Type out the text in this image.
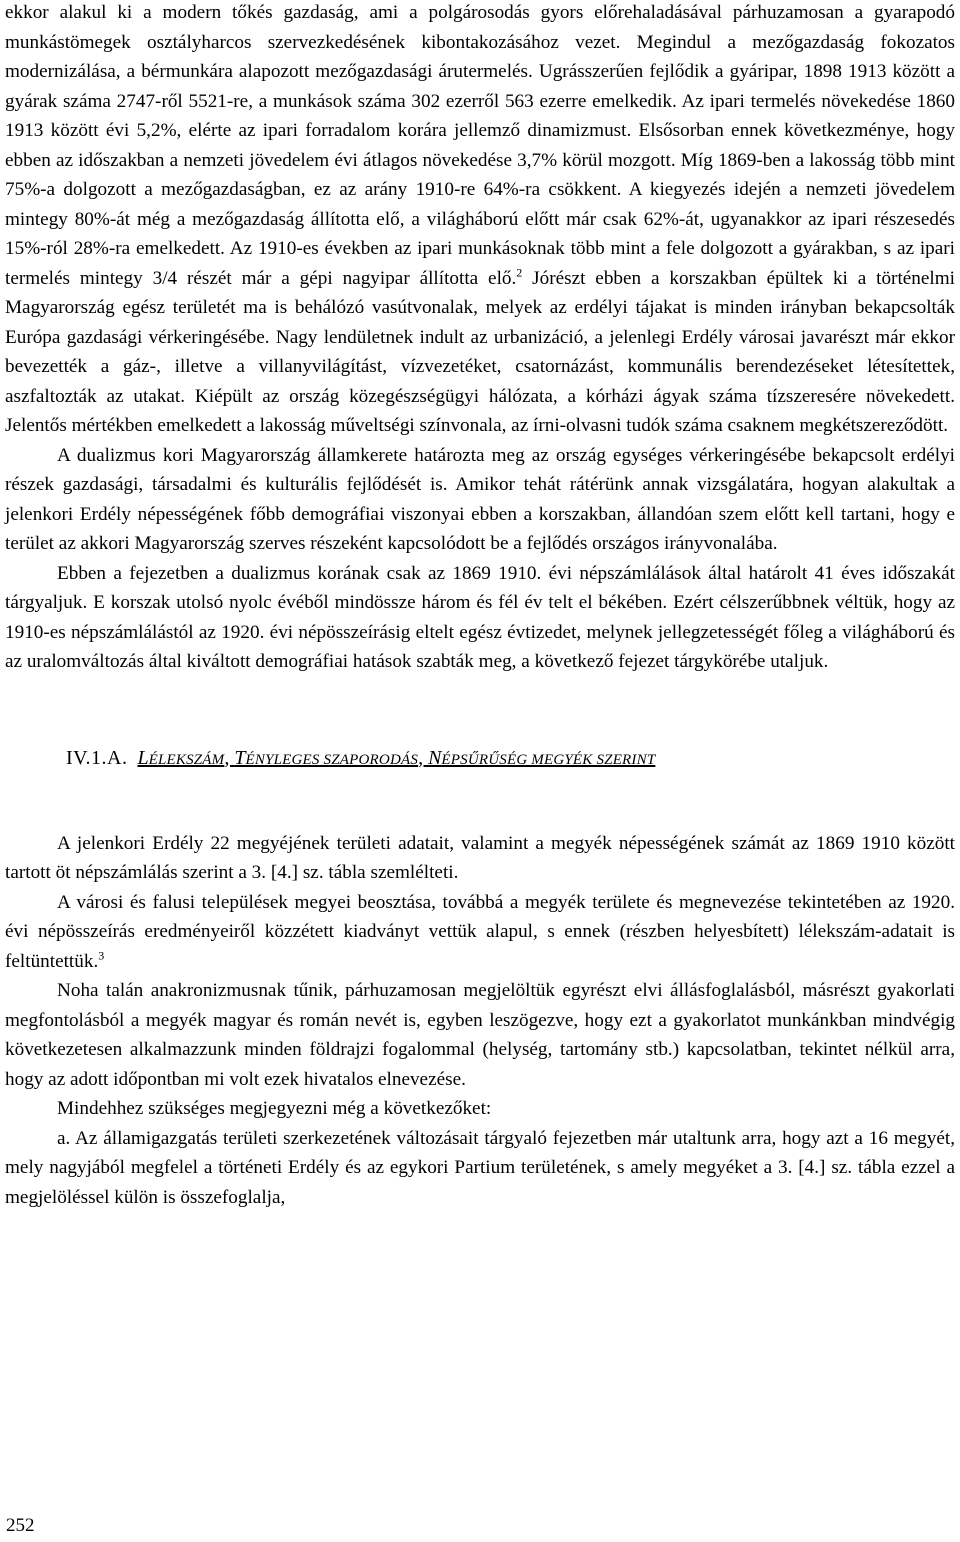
ekkor alakul ki a modern tőkés gazdaság, ami a polgárosodás gyors előrehaladásával párhuzamosan a gyarapodó munkástömegek osztályharcos szervezkedésének kibontakozásához vezet. Megindul a mezőgazdaság fokozatos modernizálása, a bérmunkára alapozott mezőgazdasági árutermelés. Ugrásszerűen fejlődik a gyáripar, 1898 1913 között a gyárak száma 2747-ről 5521-re, a munkások száma 302 ezerről 563 ezerre emelkedik. Az ipari termelés növekedése 1860 1913 között évi 5,2%, elérte az ipari forradalom korára jellemző dinamizmust. Elsősorban ennek következménye, hogy ebben az időszakban a nemzeti jövedelem évi átlagos növekedése 3,7% körül mozgott. Míg 1869-ben a lakosság több mint 75%-a dolgozott a mezőgazdaságban, ez az arány 1910-re 64%-ra csökkent. A kiegyezés idején a nemzeti jövedelem mintegy 80%-át még a mezőgazdaság állította elő, a világháború előtt már csak 62%-át, ugyanakkor az ipari részesedés 15%-ról 28%-ra emelkedett. Az 1910-es években az ipari munkásoknak több mint a fele dolgozott a gyárakban, s az ipari termelés mintegy 3/4 részét már a gépi nagyipar állította elő.$^2$ Jórészt ebben a korszakban épültek ki a történelmi Magyarország egész területét ma is behálózó vasútvonalak, melyek az erdélyi tájakat is minden irányban bekapcsolták Európa gazdasági vérkeringésébe. Nagy lendületnek indult az urbanizáció, a jelenlegi Erdély városai javarészt már ekkor bevezették a gáz-, illetve a villanyvilágítást, vízvezetéket, csatornázást, kommunális berendezéseket létesítettek, aszfaltozták az utakat. Kiépült az ország közegészségügyi hálózata, a kórházi ágyak száma tízszeresére növekedett. Jelentős mértékben emelkedett a lakosság műveltségi színvonala, az írni-olvasni tudók száma csaknem megkétszereződött.

A dualizmus kori Magyarország államkerete határozta meg az ország egységes vérkeringésébe bekapcsolt erdélyi részek gazdasági, társadalmi és kulturális fejlődését is. Amikor tehát rátérünk annak vizsgálatára, hogyan alakultak a jelenkori Erdély népességének főbb demográfiai viszonyai ebben a korszakban, állandóan szem előtt kell tartani, hogy e terület az akkori Magyarország szerves részeként kapcsolódott be a fejlődés országos irányvonalába.

Ebben a fejezetben a dualizmus korának csak az 1869 1910. évi népszámlálások által határolt 41 éves időszakát tárgyaljuk. E korszak utolsó nyolc évéből mindössze három és fél év telt el békében. Ezért célszerűbbnek véltük, hogy az 1910-es népszámlálástól az 1920. évi népösszeírásig eltelt egész évtizedet, melynek jellegzetességét főleg a világháború és az uralomváltozás által kiváltott demográfiai hatások szabták meg, a következő fejezet tárgykörébe utaljuk.

IV.1.A. LÉLEKSZÁM, TÉNYLEGES SZAPORODÁS, NÉPSŰRŰSÉG MEGYÉK SZERINT

A jelenkori Erdély 22 megyéjének területi adatait, valamint a megyék népességének számát az 1869 1910 között tartott öt népszámlálás szerint a 3. [4.] sz. tábla szemlélteti.

A városi és falusi települések megyei beosztása, továbbá a megyék területe és megnevezése tekintetében az 1920. évi népösszeírás eredményeiről közzétett kiadványt vettük alapul, s ennek (részben helyesbített) lélekszám-adatait is feltüntettük.$^3$

Noha talán anakronizmusnak tűnik, párhuzamosan megjelöltük egyrészt elvi állásfoglalásból, másrészt gyakorlati megfontolásból a megyék magyar és román nevét is, egyben leszögezve, hogy ezt a gyakorlatot munkánkban mindvégig következetesen alkalmazzunk minden földrajzi fogalommal (helység, tartomány stb.) kapcsolatban, tekintet nélkül arra, hogy az adott időpontban mi volt ezek hivatalos elnevezése.

Mindehhez szükséges megjegyezni még a következőket:

a. Az államigazgatás területi szerkezetének változásait tárgyaló fejezetben már utaltunk arra, hogy azt a 16 megyét, mely nagyjából megfelel a történeti Erdély és az egykori Partium területének, s amely megyéket a 3. [4.] sz. tábla ezzel a megjelöléssel külön is összefoglalja,

252
